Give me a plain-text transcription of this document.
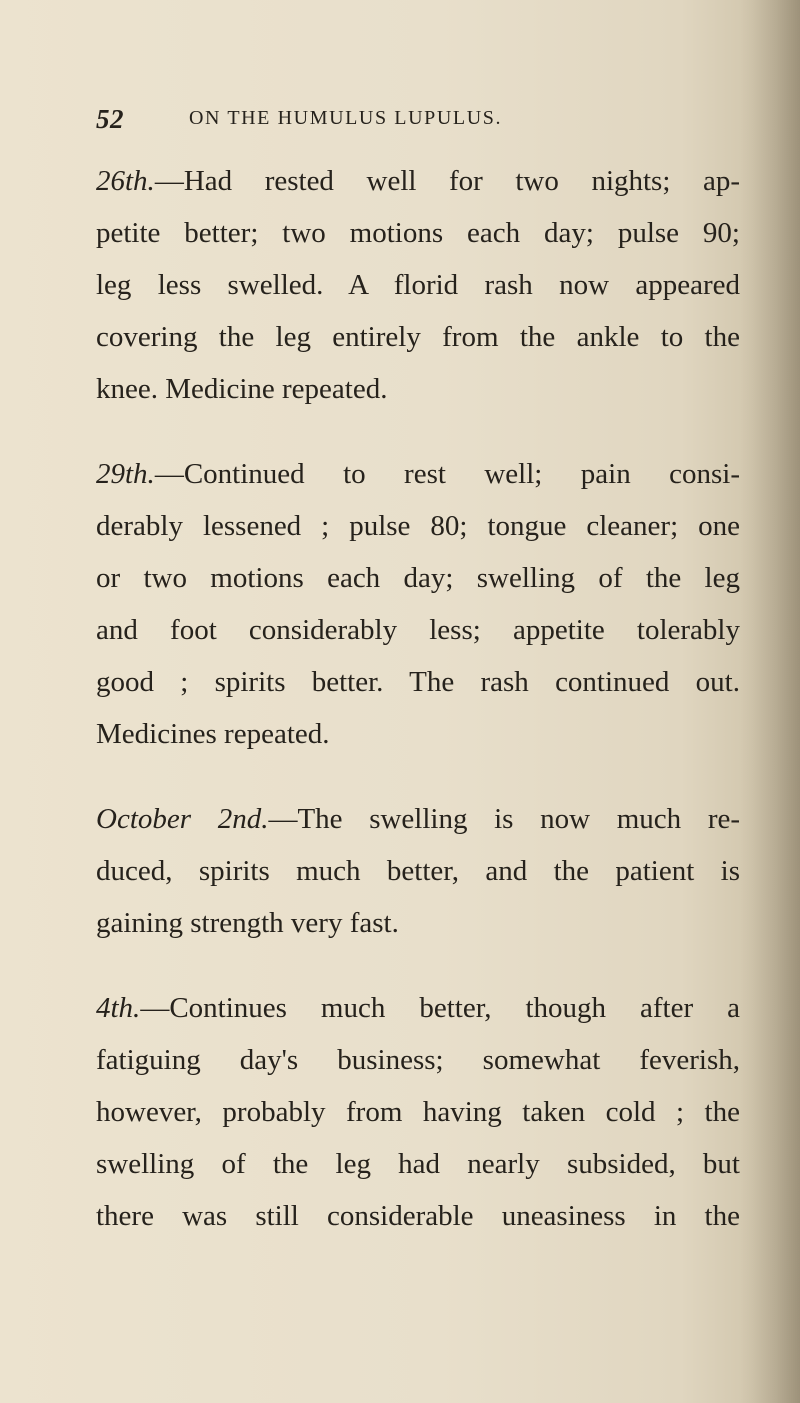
52	ON THE HUMULUS LUPULUS.
26th.—Had rested well for two nights; ap-
petite better; two motions each day; pulse 90;
leg less swelled. A florid rash now appeared
covering the leg entirely from the ankle to the
knee. Medicine repeated.
29th.—Continued to rest well; pain consi-
derably lessened ; pulse 80; tongue cleaner; one
or two motions each day; swelling of the leg
and foot considerably less; appetite tolerably
good ; spirits better. The rash continued out.
Medicines repeated.
October 2nd.—The swelling is now much re-
duced, spirits much better, and the patient is
gaining strength very fast.
4th.—Continues much better, though after a
fatiguing day's business; somewhat feverish,
however, probably from having taken cold ; the
swelling of the leg had nearly subsided, but
there was still considerable uneasiness in the
